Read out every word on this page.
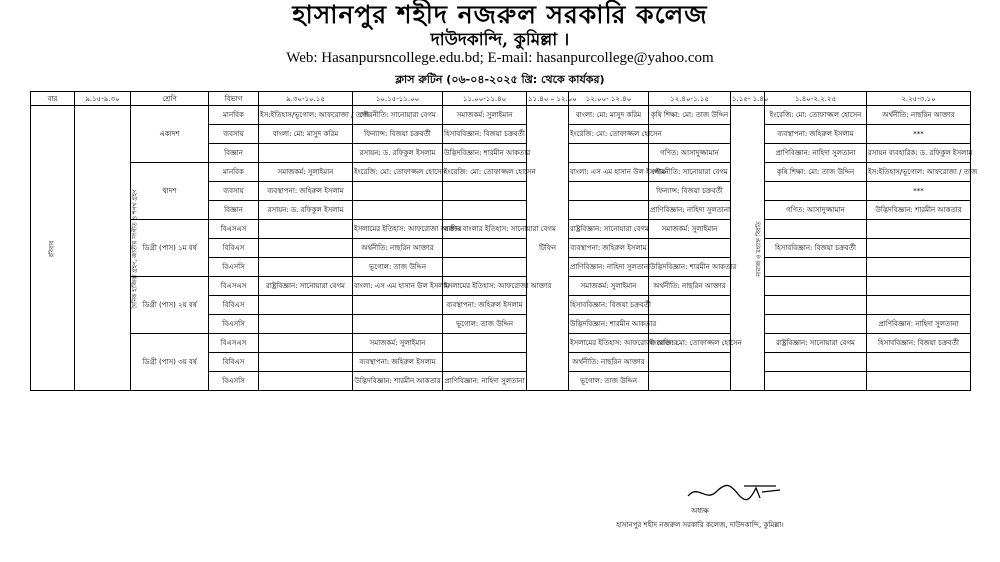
হাসানপুর শহীদ নজরুল সরকারি কলেজ
দাউদকান্দি, কুমিল্লা ।
Web: Hasanpursncollege.edu.bd; E-mail: hasanpurcollege@yahoo.com
ক্লাস রুটিন (০৬-০৪-২০২৫ খ্রি: থেকে কার্যকর)
বার	৯.১৫-৯.৩০	শ্রেণি	বিভাগ	৯.৩০-১০.১৫	১০.১৫-১১.০০	১১.০০-১১.৪০	১১.৪০ – ১২.০০	১২.০০- ১২.৪০	১২.৪০-১.১৫	১.১৫- ১.৪০	১.৪০-২.২.২৫	২.২৫-৩.১০
রবিবার	দৈনিক হাজিরা গ্রহণ, জাতীয় সংগীত ও শপথ গ্রহণ	একাদশ	মানবিক	ইস:ইতিহাস/ভূগোল: আফরোজা / তাজ	পৌরনীতি: সানোয়ারা বেগম	সমাজকর্ম: সুলাইমান	টিফিন	বাংলা: মো: মাসুদ করিম	কৃষি শিক্ষা: মো: তাজ উদ্দিন	নামাজ ও মধ্যাহ্ন বিরতি	ইংরেজি: মো: তোফাজ্জল হোসেন	অর্থনীতি: নাছরিন আক্তার
			ব্যবসায়	বাংলা: মো: মাসুদ করিম	ফিন্যান্স: বিজয়া চক্রবর্তী	হিসাববিজ্ঞান: বিজয়া চক্রবর্তী		ইংরেজি: মো: তোফাজ্জল হোসেন			ব্যবস্থাপনা: জহিরুল ইসলাম	***
			বিজ্ঞান		রসায়ন: ড. রফিকুল ইসলাম	উদ্ভিদবিজ্ঞান: শারমীন আকতার			গণিত: আসাদুজ্জামান		প্রাণিবিজ্ঞান: নাহিদা সুলতানা	রসায়ন ব্যবহারিক: ড. রফিকুল ইসলাম
		দ্বাদশ	মানবিক	সমাজকর্ম: সুলাইমান	ইংরেজি: মো: তোফাজ্জল হোসেন	ইংরেজি: মো: তোফাজ্জল হোসেন		বাংলা: এস এম হাসান উল ইসলাম	পৌরনীতি: সানোয়ারা বেগম		কৃষি শিক্ষা: মো: তাজ উদ্দিন	ইস:ইতিহাস/ভূগোল: আফরোজা / তাজ
			ব্যবসায়	ব্যবস্থাপনা: জহিরুল ইসলাম					ফিন্যান্স: বিজয়া চক্রবর্তী			***
			বিজ্ঞান	রসায়ন: ড. রফিকুল ইসলাম					প্রাণিবিজ্ঞান: নাহিদা সুলতানা		গণিত: আসাদুজ্জামান	উদ্ভিদবিজ্ঞান: শারমীন আকতার
		ডিগ্রী (পাস) ১ম বর্ষ	বিএসএস		ইসলামের ইতিহাস: আফরোজা আক্তার	স্বাধীন বাংলার ইতিহাস: সানোয়ারা বেগম		রাষ্ট্রবিজ্ঞান: সানোয়ারা বেগম	সমাজকর্ম: সুলাইমান			
			বিবিএস		অর্থনীতি: নাছরিন আক্তার			ব্যবস্থাপনা: জহিরুল ইসলাম			হিসাববিজ্ঞান: বিজয়া চক্রবর্তী	
			বিএসসি		ভূগোল: তাজ উদ্দিন			প্রাণিবিজ্ঞান: নাহিদা সুলতানা	উদ্ভিদবিজ্ঞান: শারমীন আকতার			
		ডিগ্রী (পাস) ২য় বর্ষ	বিএসএস	রাষ্ট্রবিজ্ঞান: সানোয়ারা বেগম	বাংলা: এস এম হাসান উল ইসলাম	ইসলামের ইতিহাস: আফরোজা আক্তার		সমাজকর্ম: সুলাইমান	অর্থনীতি: নাছরিন আক্তার			
			বিবিএস			ব্যবস্থাপনা: জহিরুল ইসলাম		হিসাববিজ্ঞান: বিজয়া চক্রবর্তী				
			বিএসসি			ভূগোল: তাজ উদ্দিন		উদ্ভিদবিজ্ঞান: শারমীন আকতার				প্রাণিবিজ্ঞান: নাহিদা সুলতানা
		ডিগ্রী (পাস) ৩য় বর্ষ	বিএসএস		সমাজকর্ম: সুলাইমান			ইসলামের ইতিহাস: আফরোজা আক্তার	ইংরেজি: মো: তোফাজ্জল হোসেন		রাষ্ট্রবিজ্ঞান: সানোয়ারা বেগম	হিসাববিজ্ঞান: বিজয়া চক্রবর্তী
			বিবিএস		ব্যবস্থাপনা: জহিরুল ইসলাম			অর্থনীতি: নাছরিন আক্তার				
			বিএসসি		উদ্ভিদবিজ্ঞান: শারমীন আকতার	প্রাণিবিজ্ঞান: নাহিদা সুলতানা		ভূগোল: তাজ উদ্দিন				
অধ্যক্ষ
হাসানপুর শহীদ নজরুল সরকারি কলেজ, দাউদকান্দি, কুমিল্লা।
